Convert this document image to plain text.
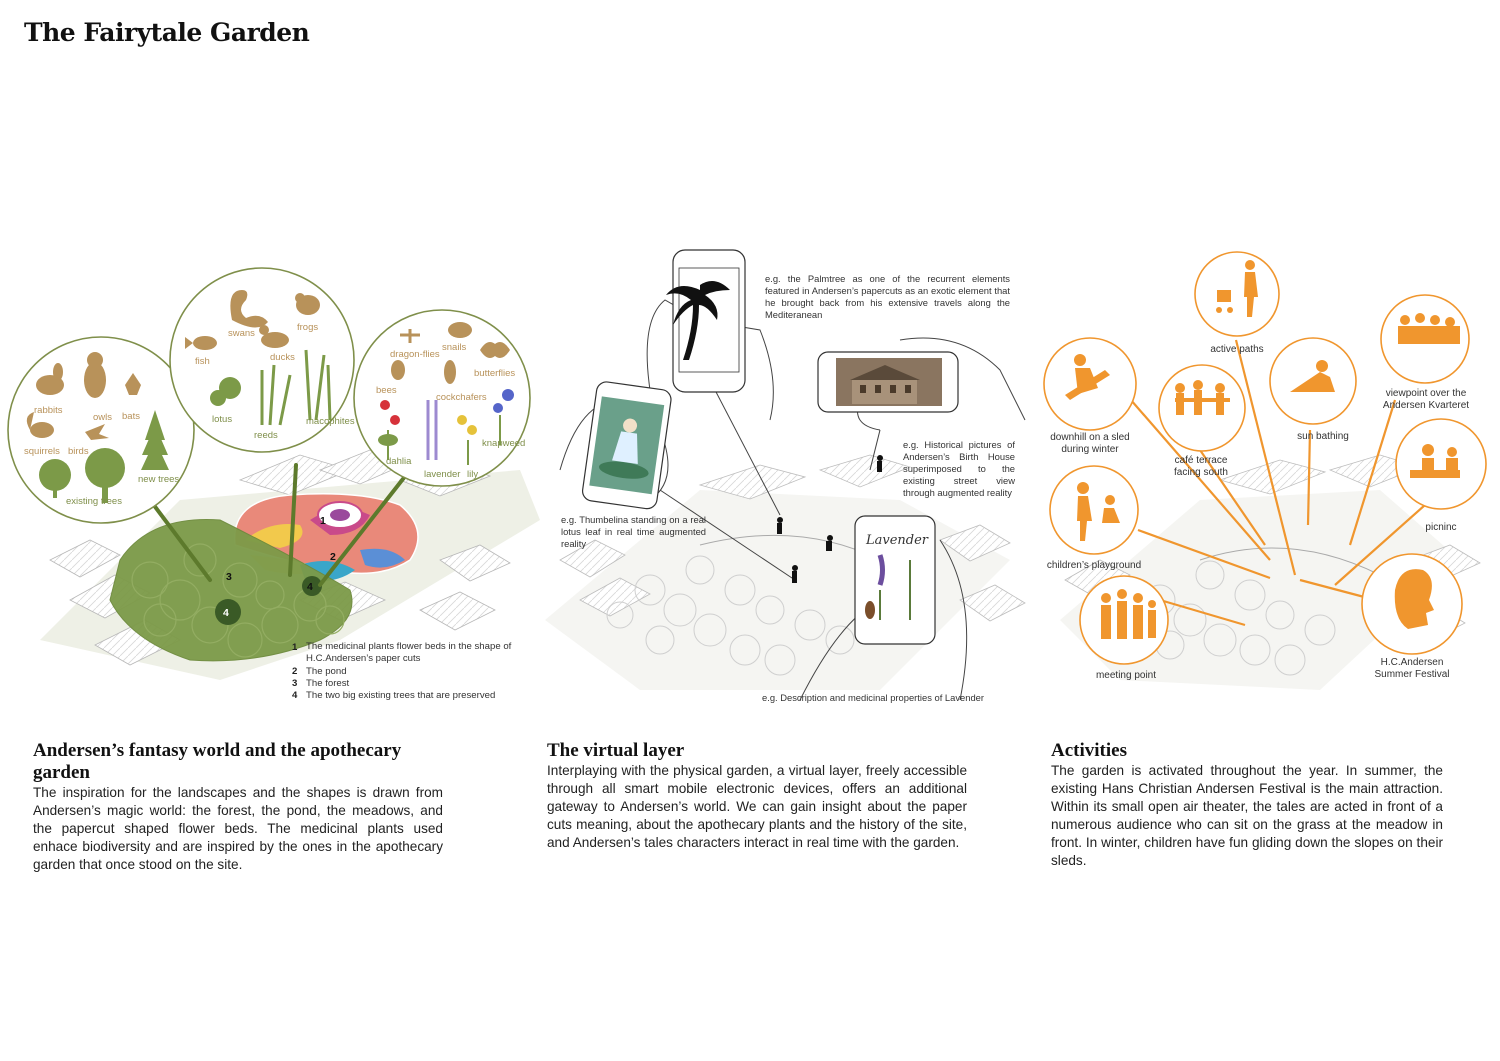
The Fairytale Garden
1
2
3
4
4
rabbits
owls bats
squirrels birds
existing trees
new trees
swans
frogs
fish	ducks
lotus
reeds
macophites
dragon-flies
snails
bees
butterflies
cockchafers
dahlia
lavender lily
knapweed
1
2
3
4
The pond
The forest
The two big existing trees that are preserved
Lavender
active paths
sun bathing
picninc
children’s playground
meeting point
downhill on a sled during winter
café terrace facing south
viewpoint over the Andersen Kvarteret
H.C.Andersen Summer Festival
The medicinal plants flower beds in the shape of H.C.Andersen’s paper cuts

e.g. the Palmtree as one of the recurrent elements featured in Andersen’s papercuts as an exotic element that he brought back from his extensive travels along the Mediteranean

e.g. Historical pictures of Andersen’s Birth House superimposed to the existing street view through augmented reality

e.g. Thumbelina standing on a real lotus leaf in real time augmented reality

e.g. Description and medicinal properties of Lavender

Andersen’s fantasy world and the apothecary garden

The inspiration for the landscapes and the shapes is drawn from Andersen’s magic world: the forest, the pond, the meadows, and the papercut shaped flower beds. The medicinal plants used enhace biodiversity and are inspired by the ones in the apothecary garden that once stood on the site.

The virtual layer

Interplaying with the physical garden, a virtual layer, freely accessible through all smart mobile electronic devices, offers an additional gateway to Andersen’s world. We can gain insight about the paper cuts meaning, about the apothecary plants and the history of the site, and Andersen’s tales characters interact in real time with the garden.

Activities

The garden is activated throughout the year. In summer, the existing Hans Christian Andersen Festival is the main attraction. Within its small open air theater, the tales are acted in front of a numerous audience who can sit on the grass at the meadow in front. In winter, children have fun gliding down the slopes on their sleds.
